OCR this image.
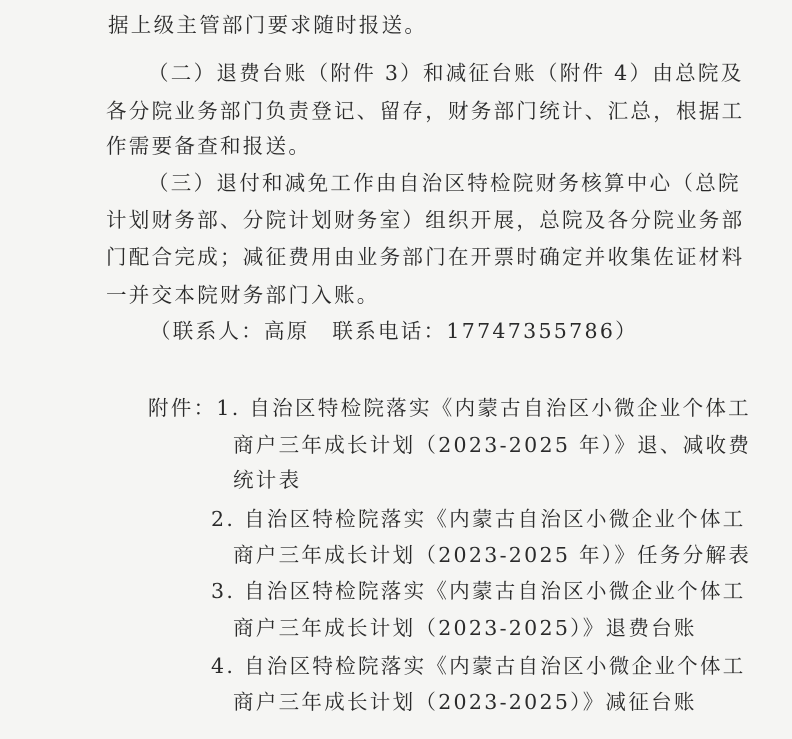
据上级主管部门要求随时报送。
（二）退费台账（附件 3）和减征台账（附件 4）由总院及
各分院业务部门负责登记、留存，财务部门统计、汇总，根据工
作需要备查和报送。
（三）退付和减免工作由自治区特检院财务核算中心（总院
计划财务部、分院计划财务室）组织开展，总院及各分院业务部
门配合完成；减征费用由业务部门在开票时确定并收集佐证材料
一并交本院财务部门入账。
（联系人：高原　联系电话：17747355786）
附件：1. 自治区特检院落实《内蒙古自治区小微企业个体工
商户三年成长计划（2023-2025 年）》退、减收费
统计表
2. 自治区特检院落实《内蒙古自治区小微企业个体工
商户三年成长计划（2023-2025 年）》任务分解表
3. 自治区特检院落实《内蒙古自治区小微企业个体工
商户三年成长计划（2023-2025）》退费台账
4. 自治区特检院落实《内蒙古自治区小微企业个体工
商户三年成长计划（2023-2025）》减征台账
